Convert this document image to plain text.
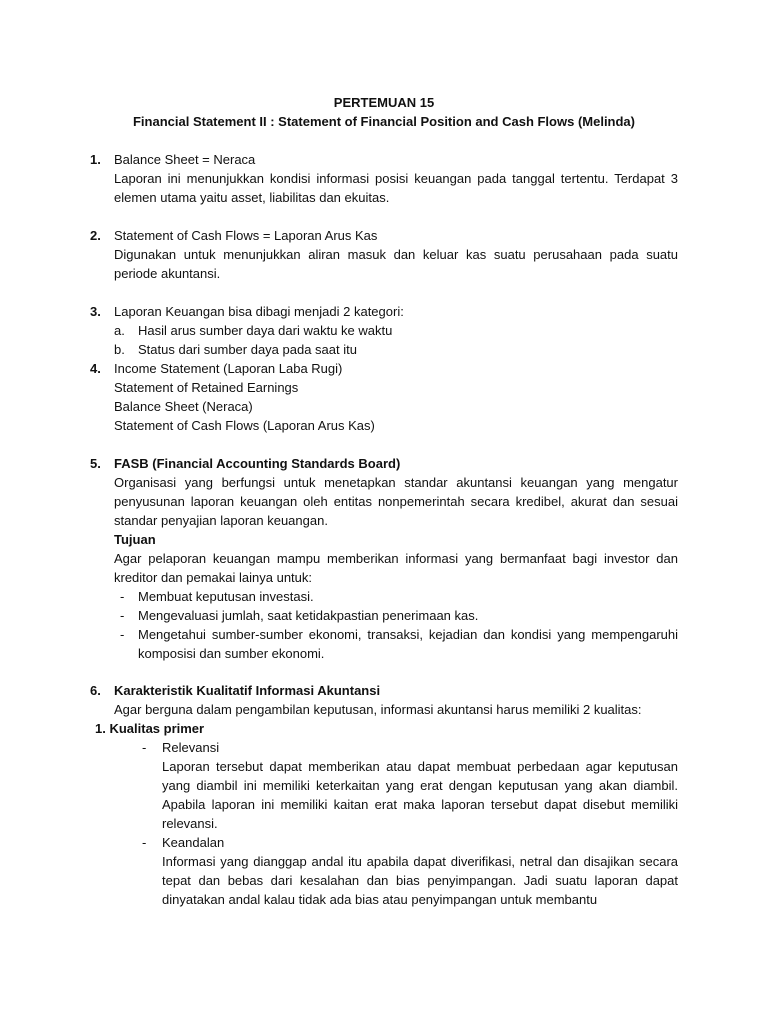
PERTEMUAN 15
Financial Statement II : Statement of Financial Position and Cash Flows (Melinda)
1.	Balance Sheet = Neraca
Laporan ini menunjukkan kondisi informasi posisi keuangan pada tanggal tertentu. Terdapat 3 elemen utama yaitu asset, liabilitas dan ekuitas.
2.	Statement of Cash Flows = Laporan Arus Kas
Digunakan untuk menunjukkan aliran masuk dan keluar kas suatu perusahaan pada suatu periode akuntansi.
3.	Laporan Keuangan bisa dibagi menjadi 2 kategori:
a. Hasil arus sumber daya dari waktu ke waktu
b. Status dari sumber daya pada saat itu
4.	Income Statement (Laporan Laba Rugi)
Statement of Retained Earnings
Balance Sheet (Neraca)
Statement of Cash Flows (Laporan Arus Kas)
5.	FASB (Financial Accounting Standards Board)
Organisasi yang berfungsi untuk menetapkan standar akuntansi keuangan yang mengatur penyusunan laporan keuangan oleh entitas nonpemerintah secara kredibel, akurat dan sesuai standar penyajian laporan keuangan.
Tujuan
Agar pelaporan keuangan mampu memberikan informasi yang bermanfaat bagi investor dan kreditor dan pemakai lainya untuk:
- Membuat keputusan investasi.
- Mengevaluasi jumlah, saat ketidakpastian penerimaan kas.
- Mengetahui sumber-sumber ekonomi, transaksi, kejadian dan kondisi yang mempengaruhi komposisi dan sumber ekonomi.
6.	Karakteristik Kualitatif Informasi Akuntansi
Agar berguna dalam pengambilan keputusan, informasi akuntansi harus memiliki 2 kualitas:
1. Kualitas primer
- Relevansi
Laporan tersebut dapat memberikan atau dapat membuat perbedaan agar keputusan yang diambil ini memiliki keterkaitan yang erat dengan keputusan yang akan diambil. Apabila laporan ini memiliki kaitan erat maka laporan tersebut dapat disebut memiliki relevansi.
- Keandalan
Informasi yang dianggap andal itu apabila dapat diverifikasi, netral dan disajikan secara tepat dan bebas dari kesalahan dan bias penyimpangan. Jadi suatu laporan dapat dinyatakan andal kalau tidak ada bias atau penyimpangan untuk membantu
